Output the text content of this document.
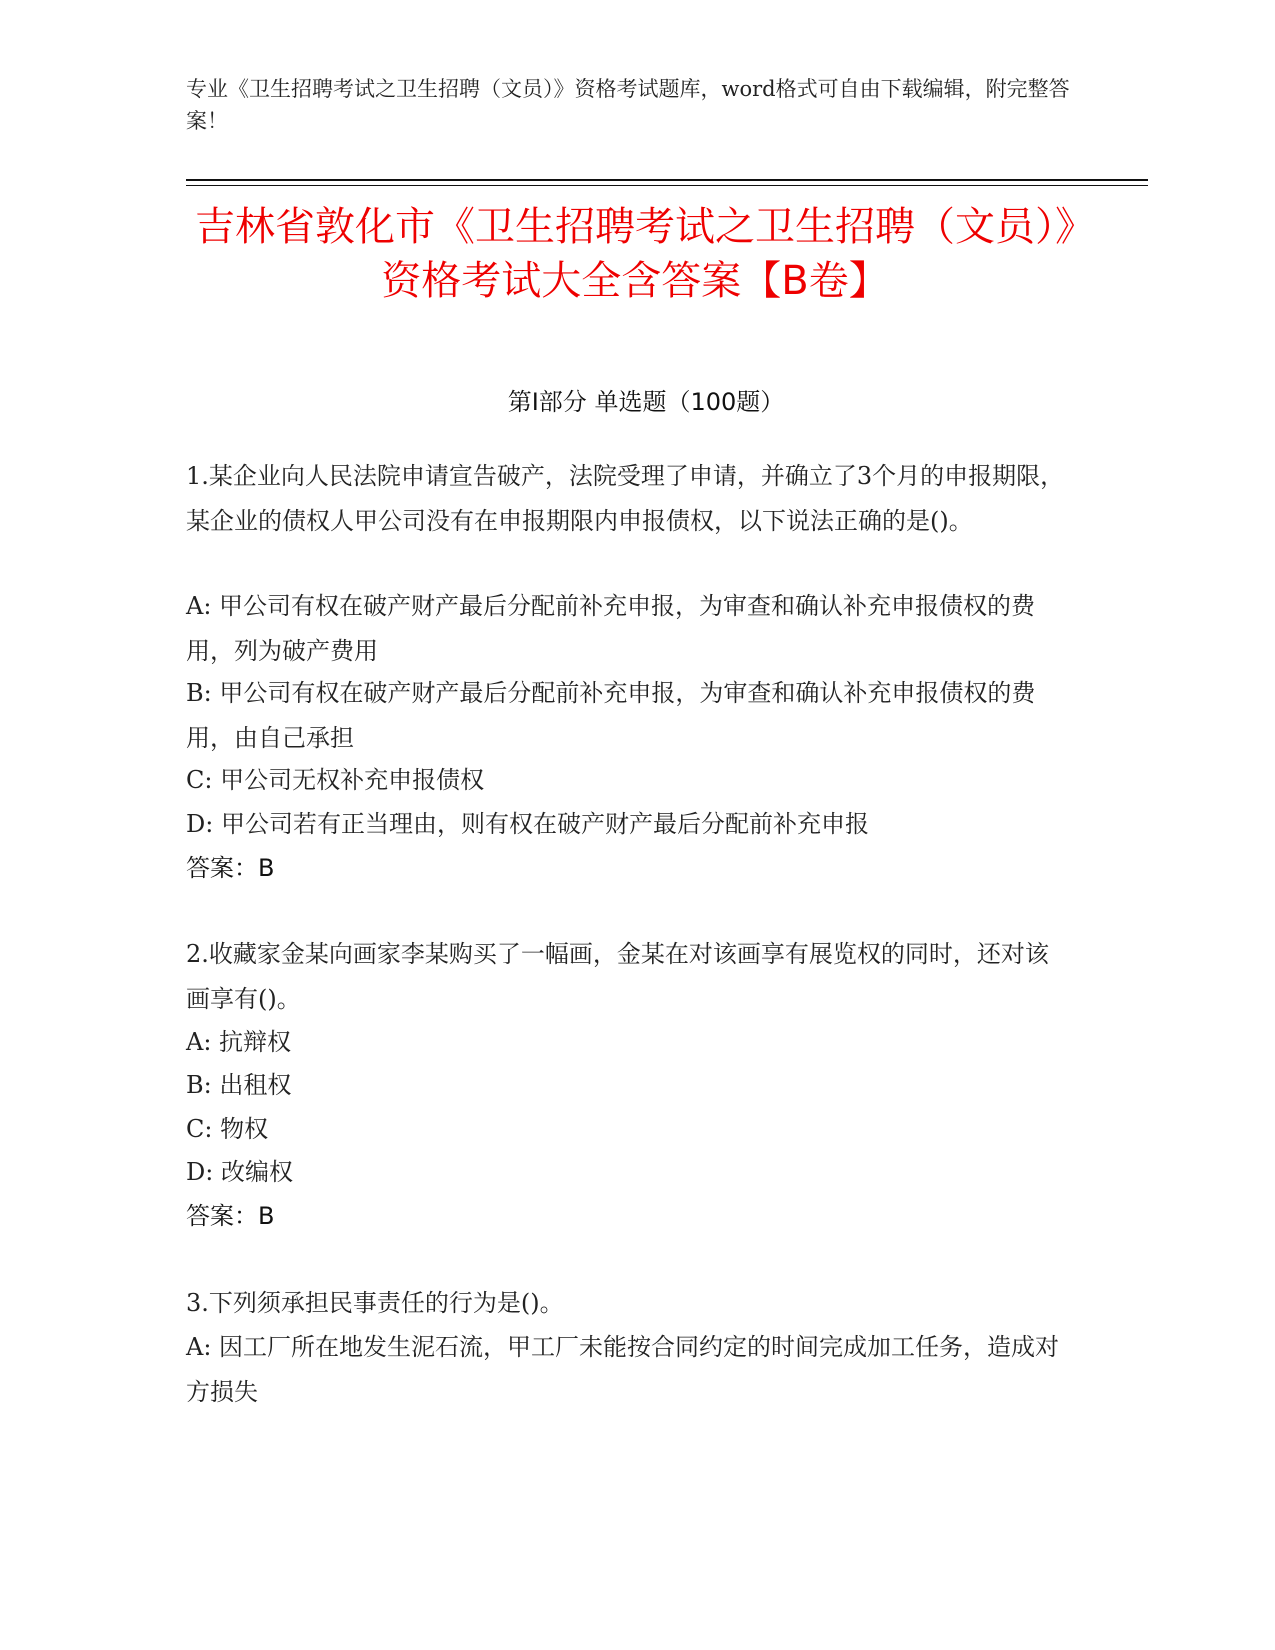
专业《卫生招聘考试之卫生招聘（文员）》资格考试题库，word格式可自由下载编辑，附完整答案！
吉林省敦化市《卫生招聘考试之卫生招聘（文员）》资格考试大全含答案【B卷】
第I部分 单选题（100题）
1.某企业向人民法院申请宣告破产，法院受理了申请，并确立了3个月的申报期限，某企业的债权人甲公司没有在申报期限内申报债权，以下说法正确的是()。
A: 甲公司有权在破产财产最后分配前补充申报，为审查和确认补充申报债权的费用，列为破产费用
B: 甲公司有权在破产财产最后分配前补充申报，为审查和确认补充申报债权的费用，由自己承担
C: 甲公司无权补充申报债权
D: 甲公司若有正当理由，则有权在破产财产最后分配前补充申报
答案：B
2.收藏家金某向画家李某购买了一幅画，金某在对该画享有展览权的同时，还对该画享有()。
A: 抗辩权
B: 出租权
C: 物权
D: 改编权
答案：B
3.下列须承担民事责任的行为是()。
A: 因工厂所在地发生泥石流，甲工厂未能按合同约定的时间完成加工任务，造成对方损失
